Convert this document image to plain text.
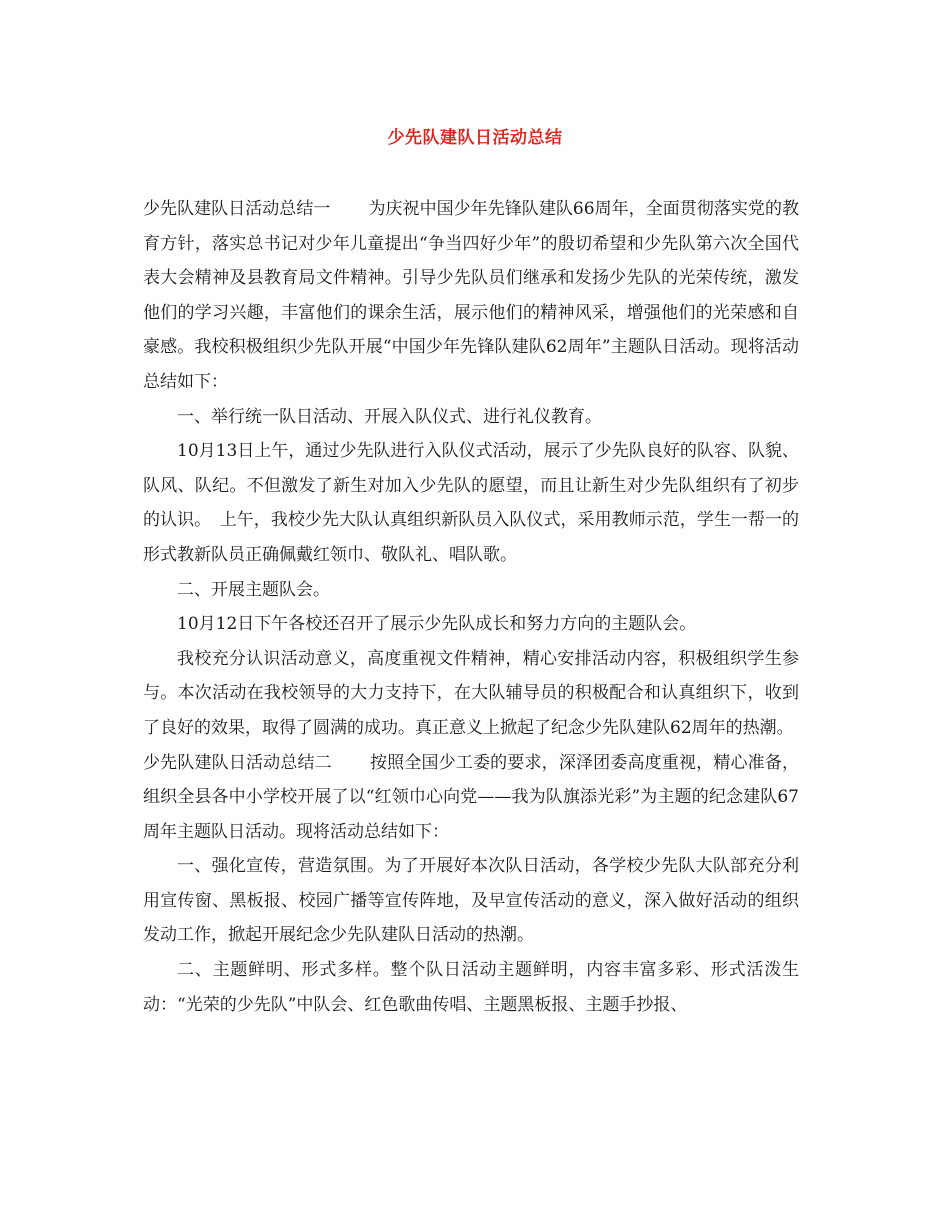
少先队建队日活动总结

少先队建队日活动总结一 为庆祝中国少年先锋队建队66周年，全面贯彻落实党的教育方针，落实总书记对少年儿童提出“争当四好少年”的殷切希望和少先队第六次全国代表大会精神及县教育局文件精神。引导少先队员们继承和发扬少先队的光荣传统，激发他们的学习兴趣，丰富他们的课余生活，展示他们的精神风采，增强他们的光荣感和自豪感。我校积极组织少先队开展“中国少年先锋队建队62周年”主题队日活动。现将活动总结如下：

一、举行统一队日活动、开展入队仪式、进行礼仪教育。

10月13日上午，通过少先队进行入队仪式活动，展示了少先队良好的队容、队貌、队风、队纪。不但激发了新生对加入少先队的愿望，而且让新生对少先队组织有了初步的认识。　上午，我校少先大队认真组织新队员入队仪式，采用教师示范，学生一帮一的形式教新队员正确佩戴红领巾、敬队礼、唱队歌。

二、开展主题队会。

10月12日下午各校还召开了展示少先队成长和努力方向的主题队会。

我校充分认识活动意义，高度重视文件精神，精心安排活动内容，积极组织学生参与。本次活动在我校领导的大力支持下，在大队辅导员的积极配合和认真组织下，收到了良好的效果，取得了圆满的成功。真正意义上掀起了纪念少先队建队62周年的热潮。

少先队建队日活动总结二 按照全国少工委的要求，深泽团委高度重视，精心准备，组织全县各中小学校开展了以“红领巾心向党——我为队旗添光彩”为主题的纪念建队67周年主题队日活动。现将活动总结如下：

一、强化宣传，营造氛围。为了开展好本次队日活动，各学校少先队大队部充分利用宣传窗、黑板报、校园广播等宣传阵地，及早宣传活动的意义，深入做好活动的组织发动工作，掀起开展纪念少先队建队日活动的热潮。

二、主题鲜明、形式多样。整个队日活动主题鲜明，内容丰富多彩、形式活泼生动：“光荣的少先队”中队会、红色歌曲传唱、主题黑板报、主题手抄报、
